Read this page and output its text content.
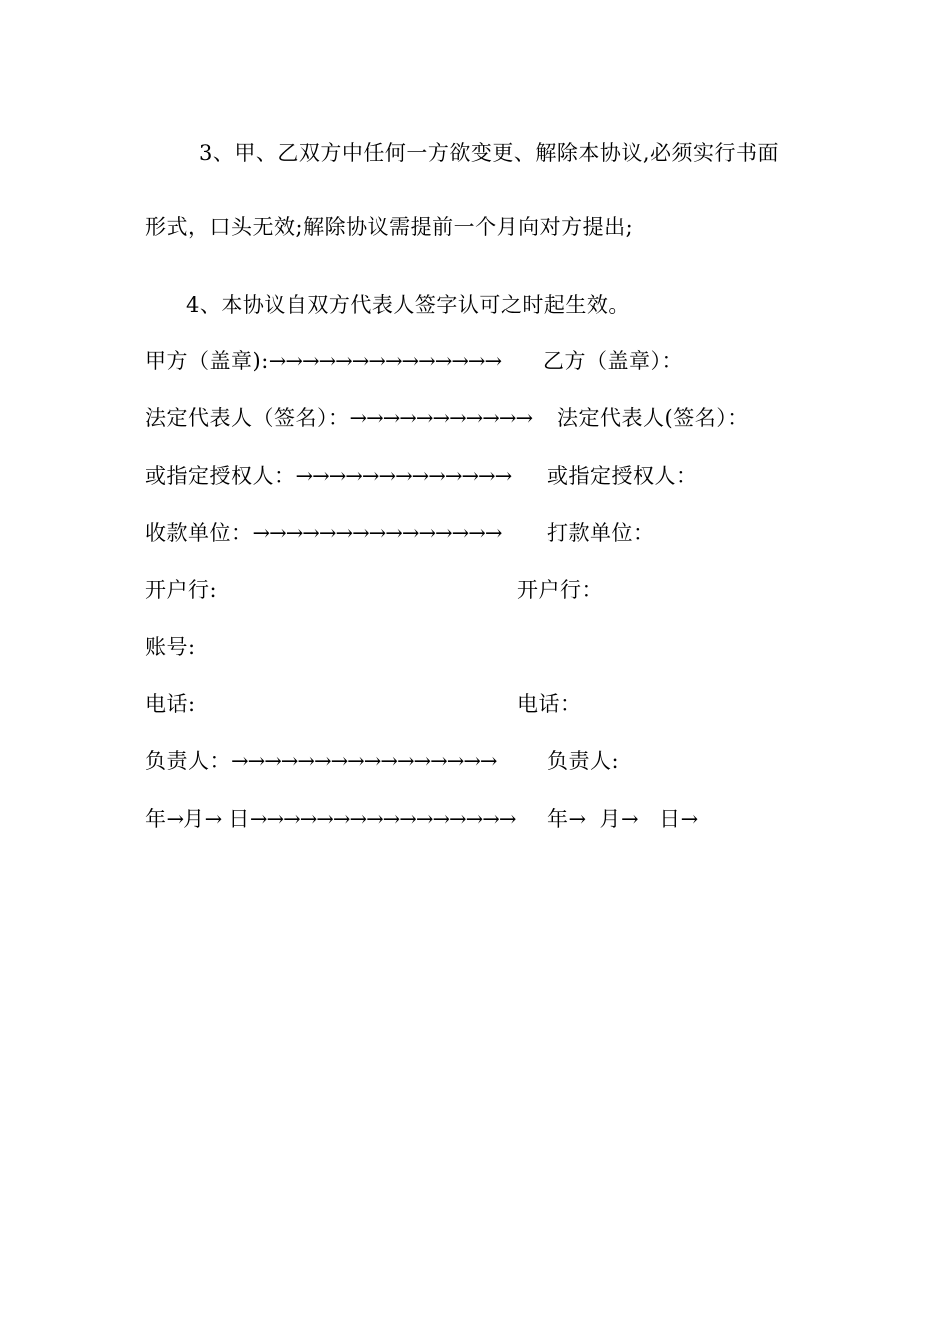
3、甲、乙双方中任何一方欲变更、解除本协议,必须实行书面
形式，口头无效;解除协议需提前一个月向对方提出;
4、本协议自双方代表人签字认可之时起生效。
甲方（盖章):→→→→→→→→→→→→→→ 乙方（盖章）：
法定代表人（签名）：→→→→→→→→→→→ 法定代表人(签名）：
或指定授权人：→→→→→→→→→→→→→ 或指定授权人：
收款单位：→→→→→→→→→→→→→→→ 打款单位：
开户行:	开户行：
账号:
电话:	电话：
负责人：→→→→→→→→→→→→→→→→ 负责人:
年→月→ 日→→→→→→→→→→→→→→→→ 年→ 月→ 日→
